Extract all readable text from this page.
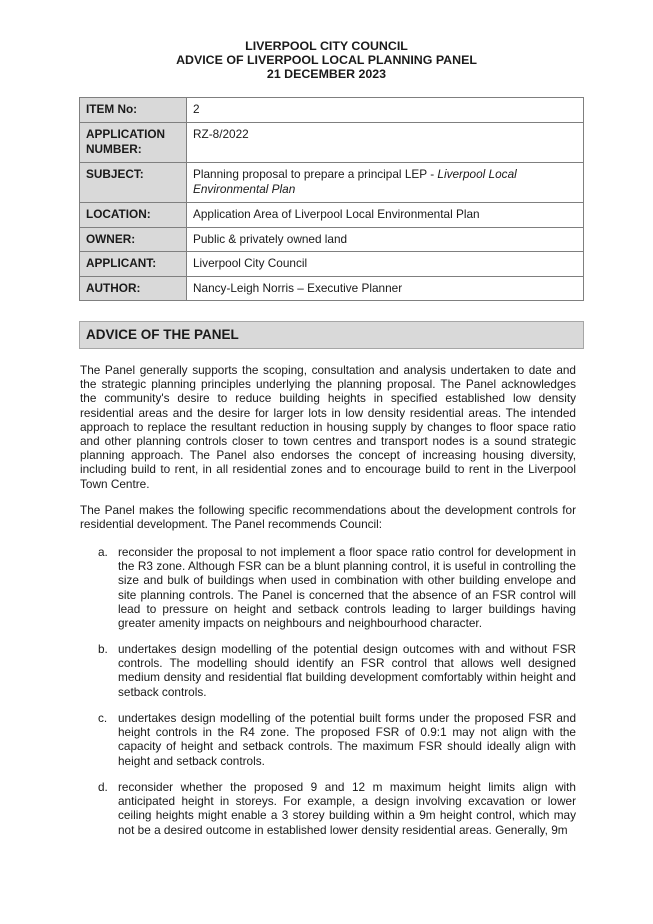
LIVERPOOL CITY COUNCIL
ADVICE OF LIVERPOOL LOCAL PLANNING PANEL
21 DECEMBER 2023
ITEM No:	2
APPLICATION NUMBER:	RZ-8/2022
SUBJECT:	Planning proposal to prepare a principal LEP - Liverpool Local Environmental Plan
LOCATION:	Application Area of Liverpool Local Environmental Plan
OWNER:	Public & privately owned land
APPLICANT:	Liverpool City Council
AUTHOR:	Nancy-Leigh Norris – Executive Planner
ADVICE OF THE PANEL

The Panel generally supports the scoping, consultation and analysis undertaken to date and the strategic planning principles underlying the planning proposal. The Panel acknowledges the community's desire to reduce building heights in specified established low density residential areas and the desire for larger lots in low density residential areas. The intended approach to replace the resultant reduction in housing supply by changes to floor space ratio and other planning controls closer to town centres and transport nodes is a sound strategic planning approach. The Panel also endorses the concept of increasing housing diversity, including build to rent, in all residential zones and to encourage build to rent in the Liverpool Town Centre.

The Panel makes the following specific recommendations about the development controls for residential development. The Panel recommends Council:

a. reconsider the proposal to not implement a floor space ratio control for development in the R3 zone. Although FSR can be a blunt planning control, it is useful in controlling the size and bulk of buildings when used in combination with other building envelope and site planning controls. The Panel is concerned that the absence of an FSR control will lead to pressure on height and setback controls leading to larger buildings having greater amenity impacts on neighbours and neighbourhood character.
b. undertakes design modelling of the potential design outcomes with and without FSR controls. The modelling should identify an FSR control that allows well designed medium density and residential flat building development comfortably within height and setback controls.
c. undertakes design modelling of the potential built forms under the proposed FSR and height controls in the R4 zone. The proposed FSR of 0.9:1 may not align with the capacity of height and setback controls. The maximum FSR should ideally align with height and setback controls.
d. reconsider whether the proposed 9 and 12 m maximum height limits align with anticipated height in storeys. For example, a design involving excavation or lower ceiling heights might enable a 3 storey building within a 9m height control, which may not be a desired outcome in established lower density residential areas. Generally, 9m
